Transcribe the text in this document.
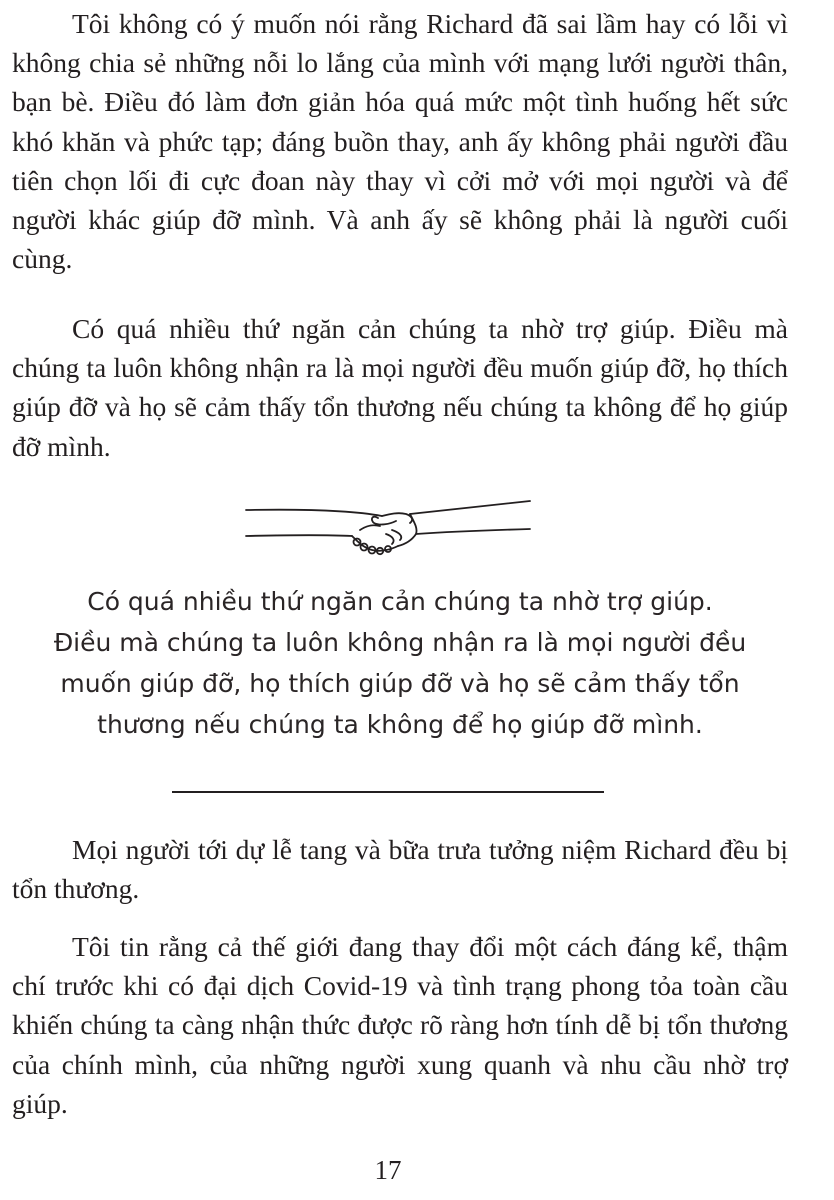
Tôi không có ý muốn nói rằng Richard đã sai lầm hay có lỗi vì không chia sẻ những nỗi lo lắng của mình với mạng lưới người thân, bạn bè. Điều đó làm đơn giản hóa quá mức một tình huống hết sức khó khăn và phức tạp; đáng buồn thay, anh ấy không phải người đầu tiên chọn lối đi cực đoan này thay vì cởi mở với mọi người và để người khác giúp đỡ mình. Và anh ấy sẽ không phải là người cuối cùng.

Có quá nhiều thứ ngăn cản chúng ta nhờ trợ giúp. Điều mà chúng ta luôn không nhận ra là mọi người đều muốn giúp đỡ, họ thích giúp đỡ và họ sẽ cảm thấy tổn thương nếu chúng ta không để họ giúp đỡ mình.

Có quá nhiều thứ ngăn cản chúng ta nhờ trợ giúp.
Điều mà chúng ta luôn không nhận ra là mọi người đều
muốn giúp đỡ, họ thích giúp đỡ và họ sẽ cảm thấy tổn
thương nếu chúng ta không để họ giúp đỡ mình.

Mọi người tới dự lễ tang và bữa trưa tưởng niệm Richard đều bị tổn thương.

Tôi tin rằng cả thế giới đang thay đổi một cách đáng kể, thậm chí trước khi có đại dịch Covid-19 và tình trạng phong tỏa toàn cầu khiến chúng ta càng nhận thức được rõ ràng hơn tính dễ bị tổn thương của chính mình, của những người xung quanh và nhu cầu nhờ trợ giúp.

17
